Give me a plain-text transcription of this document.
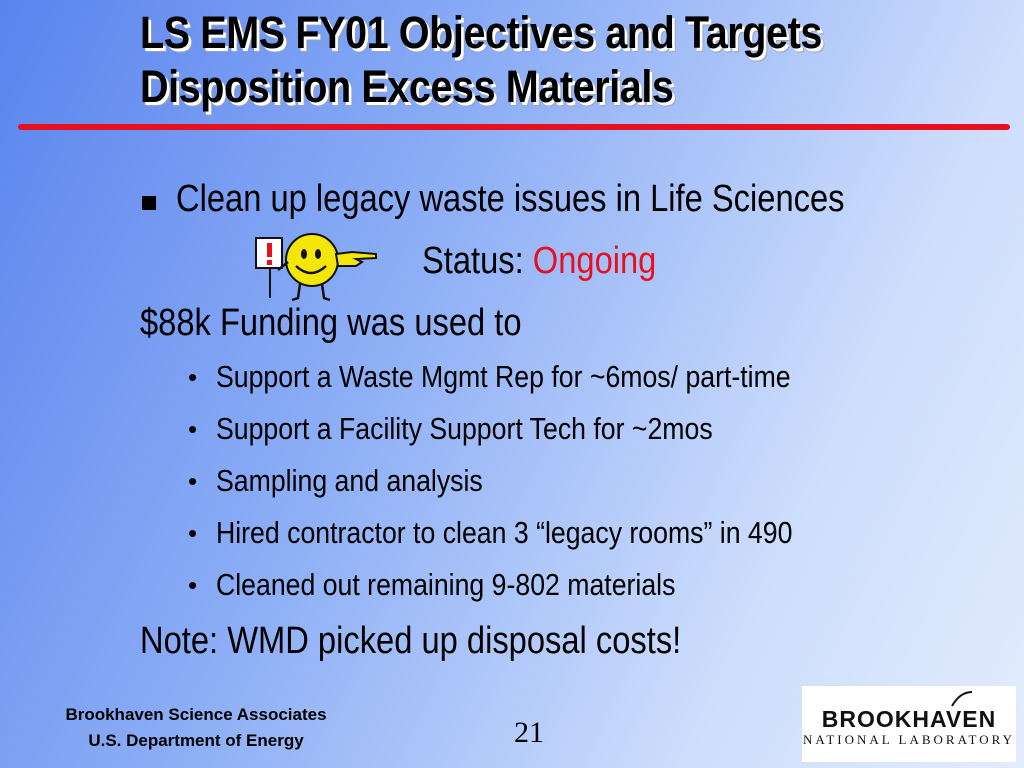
LS EMS FY01 Objectives and Targets
Disposition Excess Materials
Clean up legacy waste issues in Life Sciences
Status: Ongoing
$88k Funding was used to
• Support a Waste Mgmt Rep for ~6mos/ part-time
• Support a Facility Support Tech for ~2mos
• Sampling and analysis
• Hired contractor to clean 3 “legacy rooms” in 490
• Cleaned out remaining 9-802 materials
Note: WMD picked up disposal costs!
Brookhaven Science Associates
U.S. Department of Energy	21	BROOKHAVEN
NATIONAL LABORATORY
